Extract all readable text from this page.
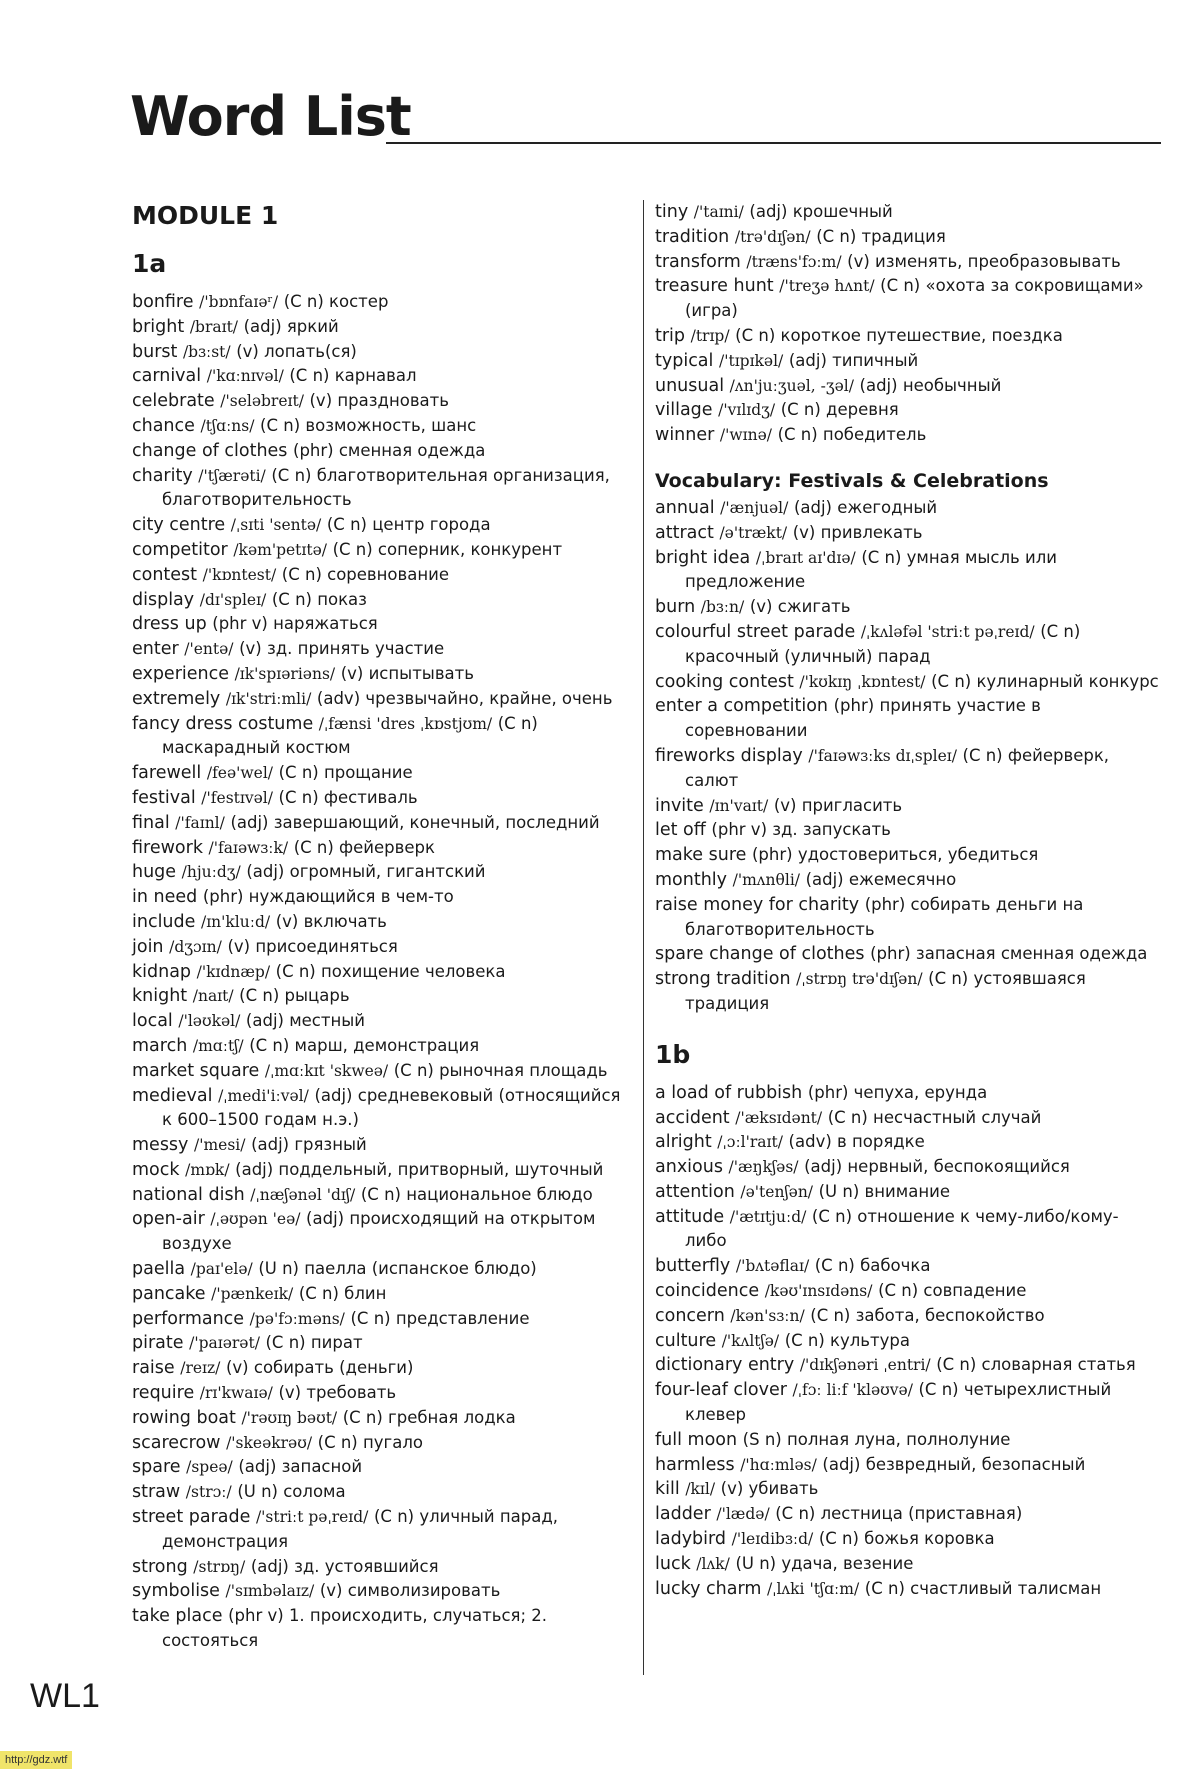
Word List
MODULE 1
1a

bonfire /'bɒnfaɪəʳ/ (C n) костер

bright /braɪt/ (adj) яркий

burst /bɜːst/ (v) лопать(ся)

carnival /'kɑːnɪvəl/ (C n) карнавал

celebrate /'seləbreɪt/ (v) праздновать

chance /tʃɑːns/ (C n) возможность, шанс

change of clothes (phr) сменная одежда

charity /'tʃærəti/ (C n) благотворительная организация, благотворительность

city centre /ˌsɪti 'sentə/ (C n) центр города

competitor /kəm'petɪtə/ (C n) соперник, конкурент

contest /'kɒntest/ (C n) соревнование

display /dɪ'spleɪ/ (C n) показ

dress up (phr v) наряжаться

enter /'entə/ (v) зд. принять участие

experience /ɪk'spɪəriəns/ (v) испытывать

extremely /ɪk'striːmli/ (adv) чрезвычайно, крайне, очень

fancy dress costume /ˌfænsi 'dres ˌkɒstjʊm/ (C n) маскарадный костюм

farewell /feə'wel/ (C n) прощание

festival /'festɪvəl/ (C n) фестиваль

final /'faɪnl/ (adj) завершающий, конечный, последний

firework /'faɪəwɜːk/ (C n) фейерверк

huge /hjuːdʒ/ (adj) огромный, гигантский

in need (phr) нуждающийся в чем-то

include /ɪn'kluːd/ (v) включать

join /dʒɔɪn/ (v) присоединяться

kidnap /'kɪdnæp/ (C n) похищение человека

knight /naɪt/ (C n) рыцарь

local /'ləʊkəl/ (adj) местный

march /mɑːtʃ/ (C n) марш, демонстрация

market square /ˌmɑːkɪt 'skweə/ (C n) рыночная площадь

medieval /ˌmedi'iːvəl/ (adj) средневековый (относящийся к 600–1500 годам н.э.)

messy /'mesi/ (adj) грязный

mock /mɒk/ (adj) поддельный, притворный, шуточный

national dish /ˌnæʃənəl 'dɪʃ/ (C n) национальное блюдо

open-air /ˌəʊpən 'eə/ (adj) происходящий на открытом воздухе

paella /paɪ'elə/ (U n) паелла (испанское блюдо)

pancake /'pænkeɪk/ (C n) блин

performance /pə'fɔːməns/ (C n) представление

pirate /'paɪərət/ (C n) пират

raise /reɪz/ (v) собирать (деньги)

require /rɪ'kwaɪə/ (v) требовать

rowing boat /'rəʊɪŋ bəʊt/ (C n) гребная лодка

scarecrow /'skeəkrəʊ/ (C n) пугало

spare /speə/ (adj) запасной

straw /strɔː/ (U n) солома

street parade /'striːt pəˌreɪd/ (C n) уличный парад, демонстрация

strong /strɒŋ/ (adj) зд. устоявшийся

symbolise /'sɪmbəlaɪz/ (v) символизировать

take place (phr v) 1. происходить, случаться; 2. состояться

tiny /'taɪni/ (adj) крошечный

tradition /trə'dɪʃən/ (C n) традиция

transform /træns'fɔːm/ (v) изменять, преобразовывать

treasure hunt /'treʒə hʌnt/ (C n) «охота за сокровищами» (игра)

trip /trɪp/ (C n) короткое путешествие, поездка

typical /'tɪpɪkəl/ (adj) типичный

unusual /ʌn'juːʒuəl, -ʒəl/ (adj) необычный

village /'vɪlɪdʒ/ (C n) деревня

winner /'wɪnə/ (C n) победитель

Vocabulary: Festivals & Celebrations

annual /'ænjuəl/ (adj) ежегодный

attract /ə'trækt/ (v) привлекать

bright idea /ˌbraɪt aɪ'dɪə/ (C n) умная мысль или предложение

burn /bɜːn/ (v) сжигать

colourful street parade /ˌkʌləfəl 'striːt pəˌreɪd/ (C n) красочный (уличный) парад

cooking contest /'kʊkɪŋ ˌkɒntest/ (C n) кулинарный конкурс

enter a competition (phr) принять участие в соревновании

fireworks display /'faɪəwɜːks dɪˌspleɪ/ (C n) фейерверк, салют

invite /ɪn'vaɪt/ (v) пригласить

let off (phr v) зд. запускать

make sure (phr) удостовериться, убедиться

monthly /'mʌnθli/ (adj) ежемесячно

raise money for charity (phr) собирать деньги на благотворительность

spare change of clothes (phr) запасная сменная одежда

strong tradition /ˌstrɒŋ trə'dɪʃən/ (C n) устоявшаяся традиция

1b

a load of rubbish (phr) чепуха, ерунда

accident /'æksɪdənt/ (C n) несчастный случай

alright /ˌɔːl'raɪt/ (adv) в порядке

anxious /'æŋkʃəs/ (adj) нервный, беспокоящийся

attention /ə'tenʃən/ (U n) внимание

attitude /'ætɪtjuːd/ (C n) отношение к чему-либо/кому-либо

butterfly /'bʌtəflaɪ/ (C n) бабочка

coincidence /kəʊ'ɪnsɪdəns/ (C n) совпадение

concern /kən'sɜːn/ (C n) забота, беспокойство

culture /'kʌltʃə/ (C n) культура

dictionary entry /'dɪkʃənəri ˌentri/ (C n) словарная статья

four-leaf clover /ˌfɔː liːf 'kləʊvə/ (C n) четырехлистный клевер

full moon (S n) полная луна, полнолуние

harmless /'hɑːmləs/ (adj) безвредный, безопасный

kill /kɪl/ (v) убивать

ladder /'lædə/ (C n) лестница (приставная)

ladybird /'leɪdibɜːd/ (C n) божья коровка

luck /lʌk/ (U n) удача, везение

lucky charm /ˌlʌki 'tʃɑːm/ (C n) счастливый талисман

WL1
http://gdz.wtf
